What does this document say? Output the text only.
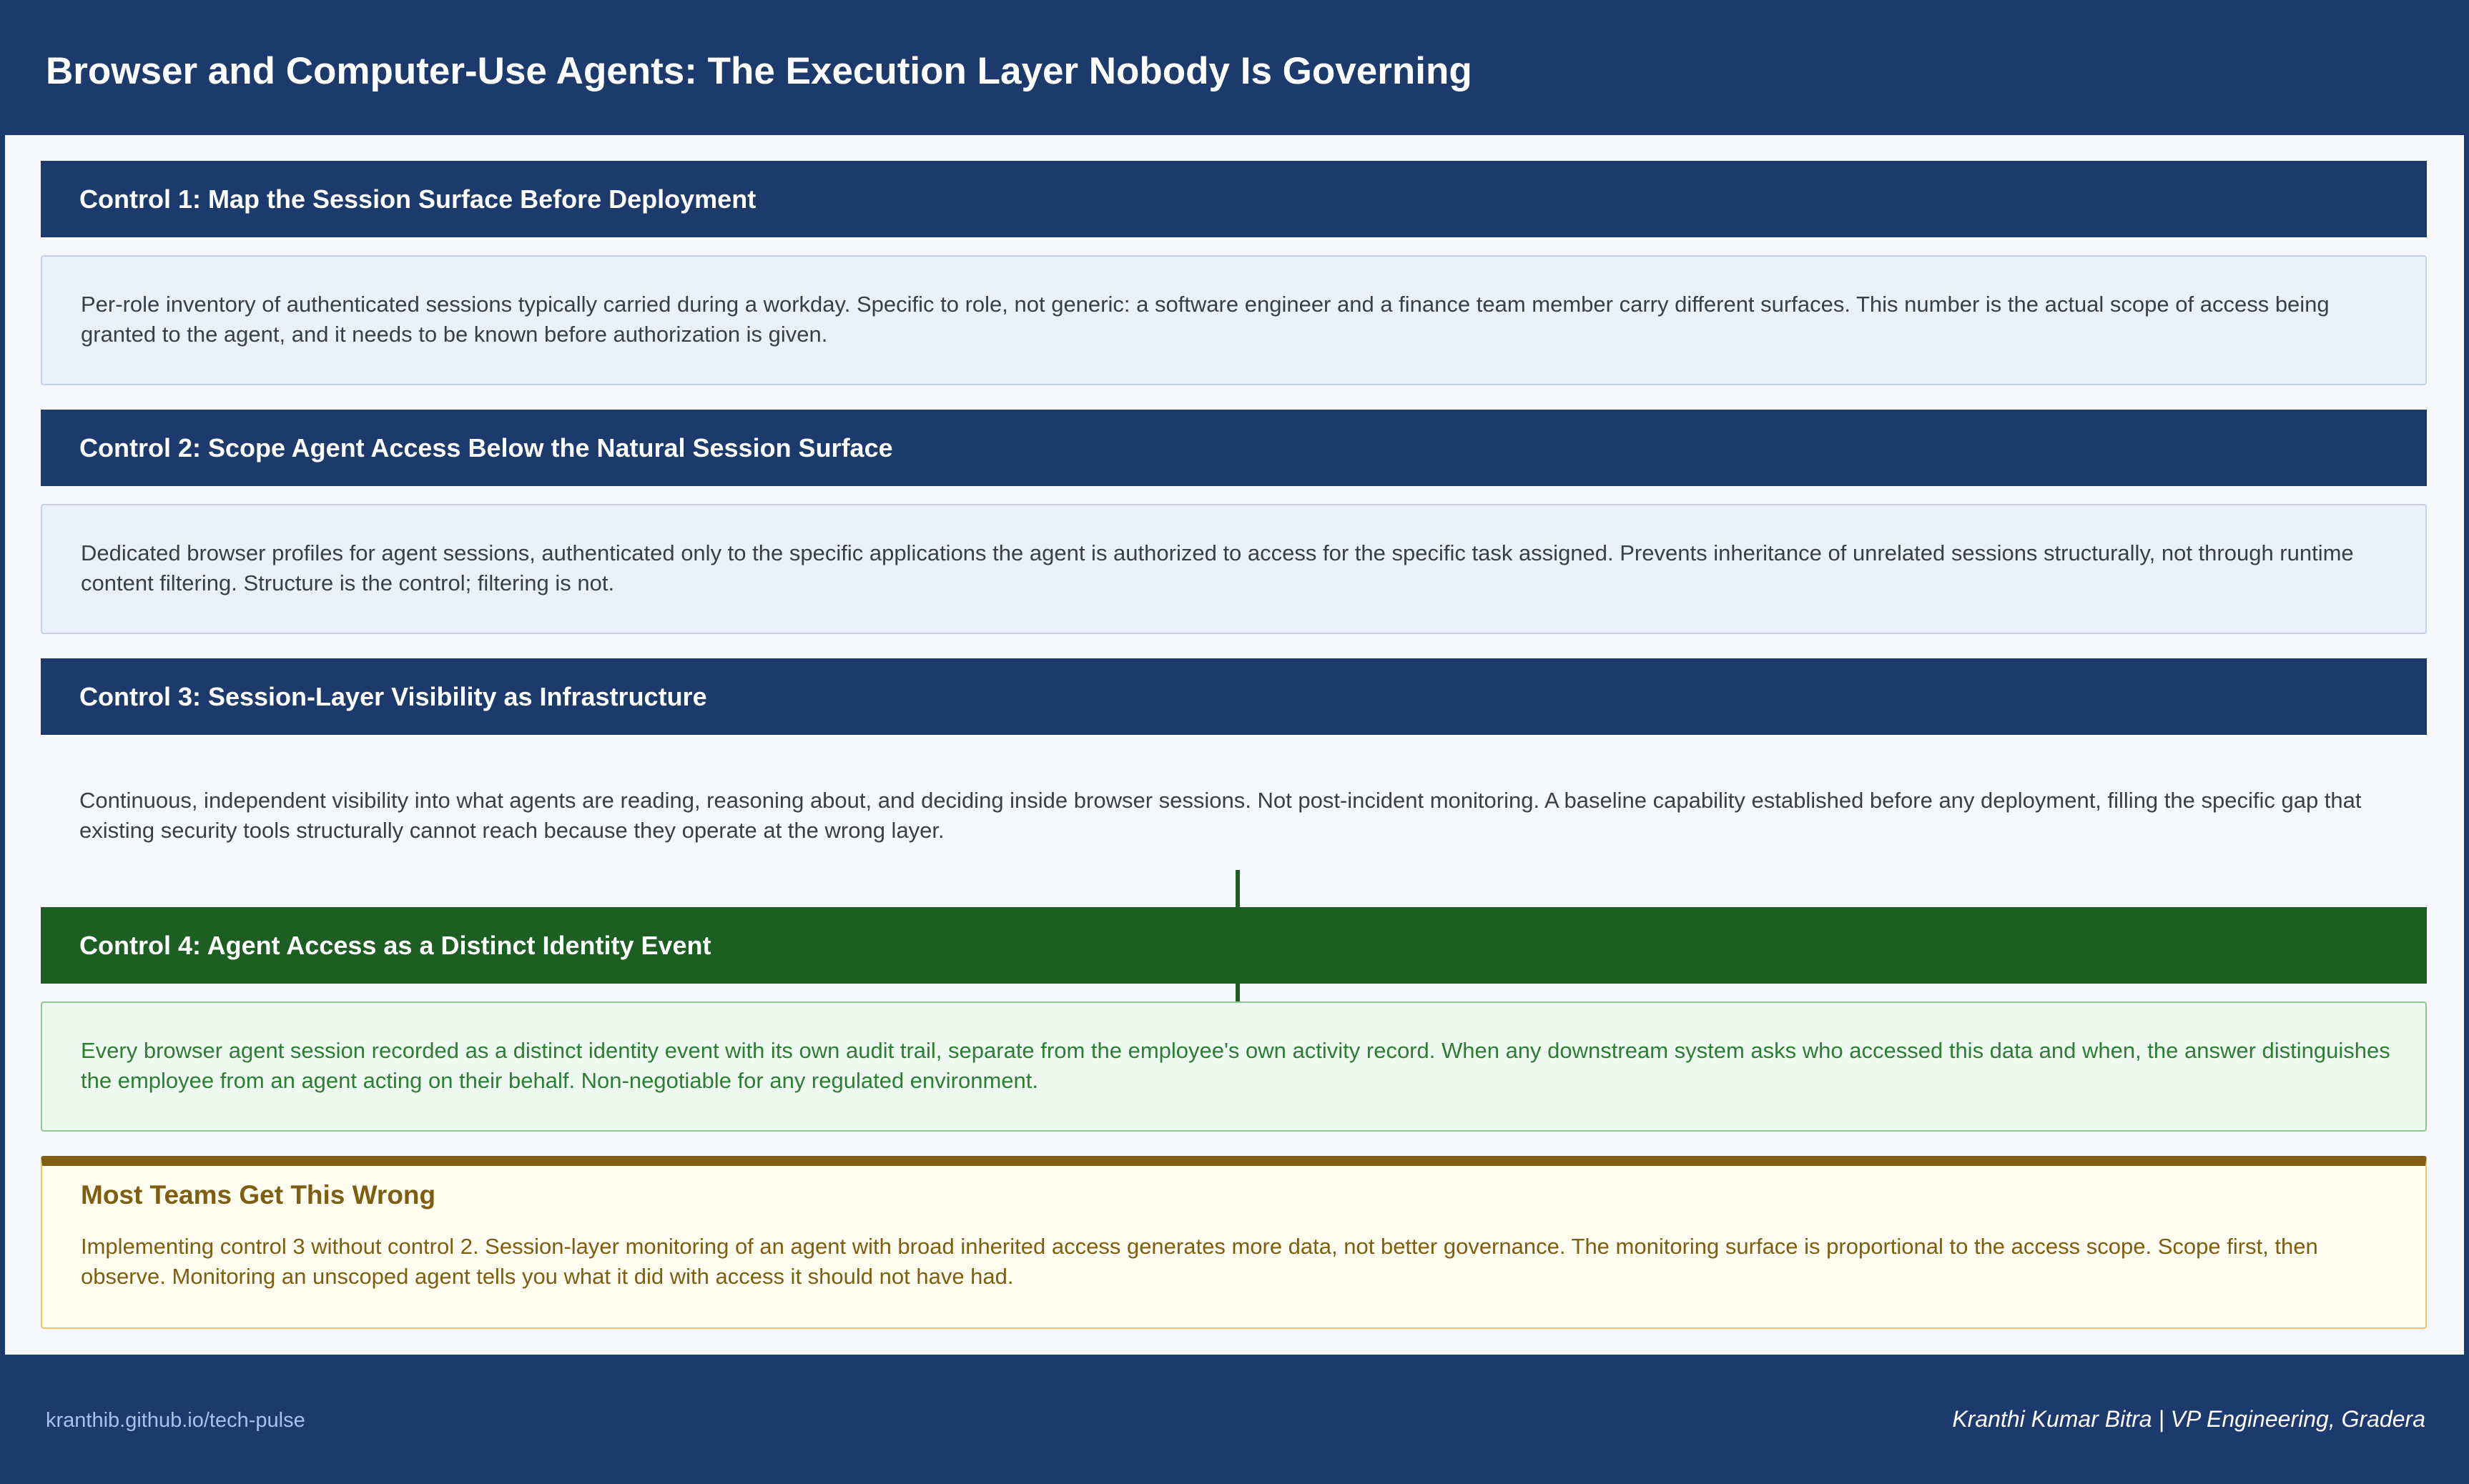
Browser and Computer-Use Agents: The Execution Layer Nobody Is Governing
Control 1: Map the Session Surface Before Deployment
Per-role inventory of authenticated sessions typically carried during a workday. Specific to role, not generic: a software engineer and a finance team member carry different surfaces. This number is the actual scope of access being granted to the agent, and it needs to be known before authorization is given.
Control 2: Scope Agent Access Below the Natural Session Surface
Dedicated browser profiles for agent sessions, authenticated only to the specific applications the agent is authorized to access for the specific task assigned. Prevents inheritance of unrelated sessions structurally, not through runtime content filtering. Structure is the control; filtering is not.
Control 3: Session-Layer Visibility as Infrastructure
Continuous, independent visibility into what agents are reading, reasoning about, and deciding inside browser sessions. Not post-incident monitoring. A baseline capability established before any deployment, filling the specific gap that existing security tools structurally cannot reach because they operate at the wrong layer.
Control 4: Agent Access as a Distinct Identity Event
Every browser agent session recorded as a distinct identity event with its own audit trail, separate from the employee's own activity record. When any downstream system asks who accessed this data and when, the answer distinguishes the employee from an agent acting on their behalf. Non-negotiable for any regulated environment.
Most Teams Get This Wrong
Implementing control 3 without control 2. Session-layer monitoring of an agent with broad inherited access generates more data, not better governance. The monitoring surface is proportional to the access scope. Scope first, then observe. Monitoring an unscoped agent tells you what it did with access it should not have had.
kranthib.github.io/tech-pulse	Kranthi Kumar Bitra | VP Engineering, Gradera
